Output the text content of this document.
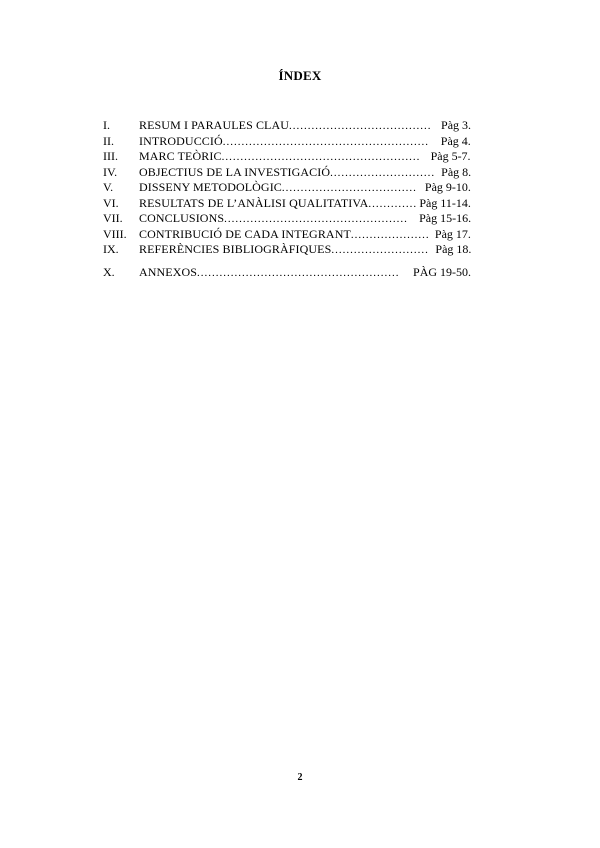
ÍNDEX
I. RESUM I PARAULES CLAU ...................................... Pàg 3.
II. INTRODUCCIÓ ....................................................... Pàg 4.
III. MARC TEÒRIC ..................................................... Pàg 5-7.
IV. OBJECTIUS DE LA INVESTIGACIÓ ............................ Pàg 8.
V. DISSENY METODOLÒGIC .................................... Pàg 9-10.
VI. RESULTATS DE L’ANÀLISI QUALITATIVA ............. Pàg 11-14.
VII. CONCLUSIONS ................................................. Pàg 15-16.
VIII. CONTRIBUCIÓ DE CADA INTEGRANT ..................... Pàg 17.
IX. REFERÈNCIES BIBLIOGRÀFIQUES .......................... Pàg 18.
X. ANNEXOS ......................................................	PÀG 19-50.
2
